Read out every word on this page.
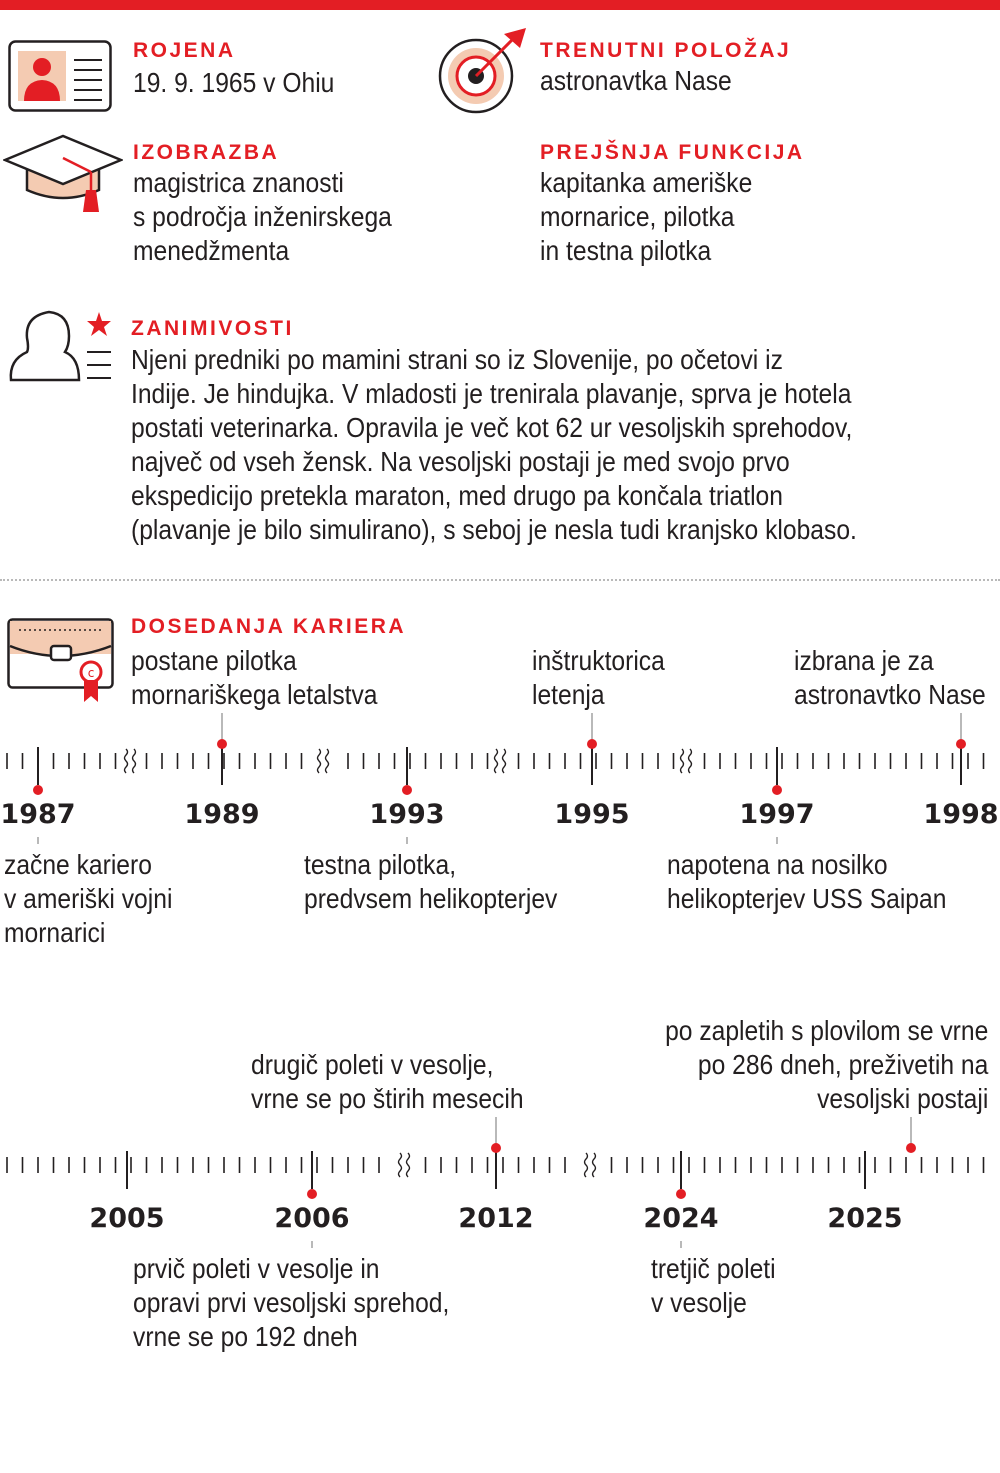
ROJENA
19. 9. 1965 v Ohiu
TRENUTNI POLOŽAJ
astronavtka Nase
IZOBRAZBA
magistrica znanosti
s področja inženirskega
menedžmenta
PREJŠNJA FUNKCIJA
kapitanka ameriške
mornarice, pilotka
in testna pilotka
ZANIMIVOSTI
Njeni predniki po mamini strani so iz Slovenije, po očetovi iz
Indije. Je hindujka. V mladosti je trenirala plavanje, sprva je hotela
postati veterinarka. Opravila je več kot 62 ur vesoljskih sprehodov,
največ od vseh žensk. Na vesoljski postaji je med svojo prvo
ekspedicijo pretekla maraton, med drugo pa končala triatlon
(plavanje je bilo simulirano), s seboj je nesla tudi kranjsko klobaso.
c
DOSEDANJA KARIERA
postane pilotka
mornariškega letalstva
inštruktorica
letenja
izbrana je za
astronavtko Nase
začne kariero
v ameriški vojni
mornarici
testna pilotka,
predvsem helikopterjev
napotena na nosilko
helikopterjev USS Saipan
1987	1989	1993	1995	1997	1998
drugič poleti v vesolje,
vrne se po štirih mesecih
po zapletih s plovilom se vrne
po 286 dneh, preživetih na
vesoljski postaji
prvič poleti v vesolje in
opravi prvi vesoljski sprehod,
vrne se po 192 dneh
tretjič poleti
v vesolje
2005	2006	2012	2024	2025
